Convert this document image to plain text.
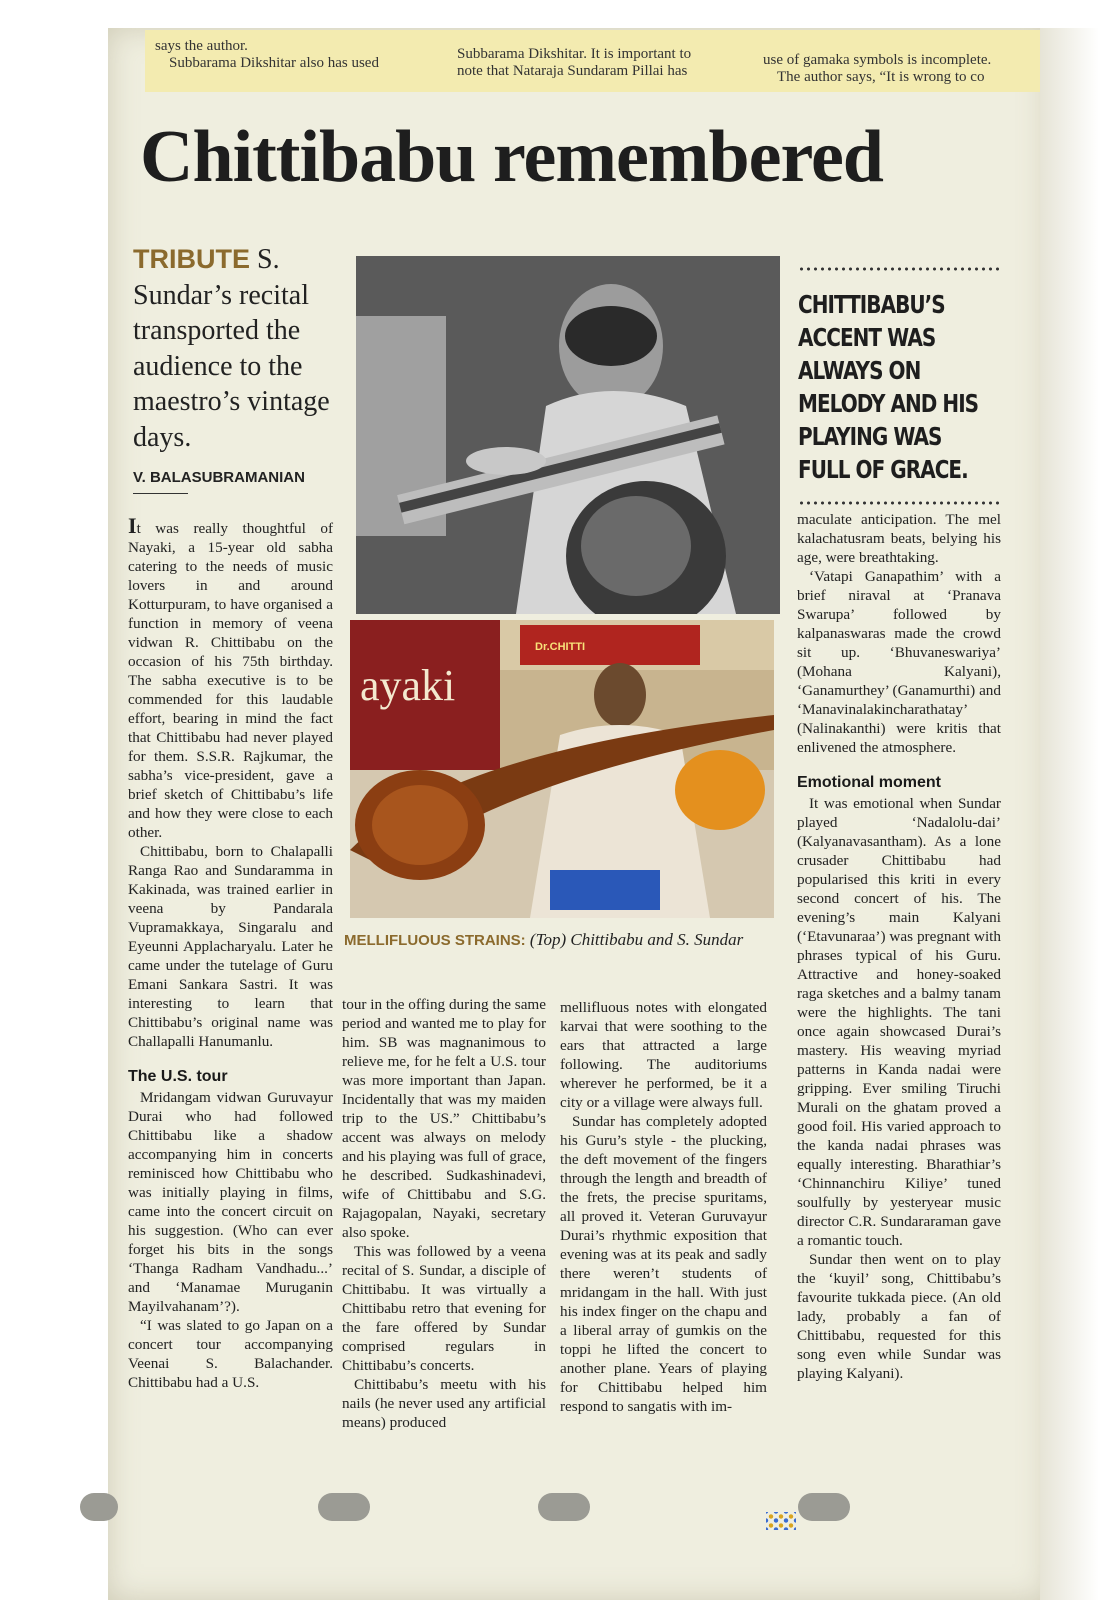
says the author.
Subbarama Dikshitar also has used
Subbarama Dikshitar. It is important to
note that Nataraja Sundaram Pillai has
use of gamaka symbols is incomplete.
The author says, “It is wrong to co
Chittibabu remembered
TRIBUTE S. Sundar’s recital transported the audience to the maestro’s vintage days.
V. BALASUBRAMANIAN

It was really thoughtful of Nayaki, a 15-year old sabha catering to the needs of music lovers in and around Kotturpuram, to have organised a function in memory of veena vidwan R. Chittibabu on the occasion of his 75th birthday. The sabha executive is to be commended for this laudable effort, bearing in mind the fact that Chittibabu had never played for them. S.S.R. Rajkumar, the sabha’s vice-president, gave a brief sketch of Chittibabu’s life and how they were close to each other.

Chittibabu, born to Chalapalli Ranga Rao and Sundaramma in Kakinada, was trained earlier in veena by Pandarala Vupramakkaya, Singaralu and Eyeunni Applacharyalu. Later he came under the tutelage of Guru Emani Sankara Sastri. It was interesting to learn that Chittibabu’s original name was Challapalli Hanumanlu.

The U.S. tour

Mridangam vidwan Guruvayur Durai who had followed Chittibabu like a shadow accompanying him in concerts reminisced how Chittibabu who was initially playing in films, came into the concert circuit on his suggestion. (Who can ever forget his bits in the songs ‘Thanga Radham Vandhadu...’ and ‘Manamae Muruganin Mayilvahanam’?).

“I was slated to go Japan on a concert tour accompanying Veenai S. Balachander. Chittibabu had a U.S.

ayaki
Dr.CHITTI
MELLIFLUOUS STRAINS: (Top) Chittibabu and S. Sundar

tour in the offing during the same period and wanted me to play for him. SB was magnanimous to relieve me, for he felt a U.S. tour was more important than Japan. Incidentally that was my maiden trip to the US.” Chittibabu’s accent was always on melody and his playing was full of grace, he described. Sudkashinadevi, wife of Chittibabu and S.G. Rajagopalan, Nayaki, secretary also spoke.

This was followed by a veena recital of S. Sundar, a disciple of Chittibabu. It was virtually a Chittibabu retro that evening for the fare offered by Sundar comprised regulars in Chittibabu’s concerts.

Chittibabu’s meetu with his nails (he never used any artificial means) produced

mellifluous notes with elongated karvai that were soothing to the ears that attracted a large following. The auditoriums wherever he performed, be it a city or a village were always full.

Sundar has completely adopted his Guru’s style - the plucking, the deft movement of the fingers through the length and breadth of the frets, the precise spuritams, all proved it. Veteran Guruvayur Durai’s rhythmic exposition that evening was at its peak and sadly there weren’t students of mridangam in the hall. With just his index finger on the chapu and a liberal array of gumkis on the toppi he lifted the concert to another plane. Years of playing for Chittibabu helped him respond to sangatis with im-

CHITTIBABU’S ACCENT WAS ALWAYS ON MELODY AND HIS PLAYING WAS FULL OF GRACE.

maculate anticipation. The mel kalachatusram beats, belying his age, were breathtaking.

‘Vatapi Ganapathim’ with a brief niraval at ‘Pranava Swarupa’ followed by kalpanaswaras made the crowd sit up. ‘Bhuvaneswariya’ (Mohana Kalyani), ‘Ganamurthey’ (Ganamurthi) and ‘Manavinalakincharathatay’ (Nalinakanthi) were kritis that enlivened the atmosphere.

Emotional moment

It was emotional when Sundar played ‘Nadalolu-dai’ (Kalyanavasantham). As a lone crusader Chittibabu had popularised this kriti in every second concert of his. The evening’s main Kalyani (‘Etavunaraa’) was pregnant with phrases typical of his Guru. Attractive and honey-soaked raga sketches and a balmy tanam were the highlights. The tani once again showcased Durai’s mastery. His weaving myriad patterns in Kanda nadai were gripping. Ever smiling Tiruchi Murali on the ghatam proved a good foil. His varied approach to the kanda nadai phrases was equally interesting. Bharathiar’s ‘Chinnanchiru Kiliye’ tuned soulfully by yesteryear music director C.R. Sundararaman gave a romantic touch.

Sundar then went on to play the ‘kuyil’ song, Chittibabu’s favourite tukkada piece. (An old lady, probably a fan of Chittibabu, requested for this song even while Sundar was playing Kalyani).
